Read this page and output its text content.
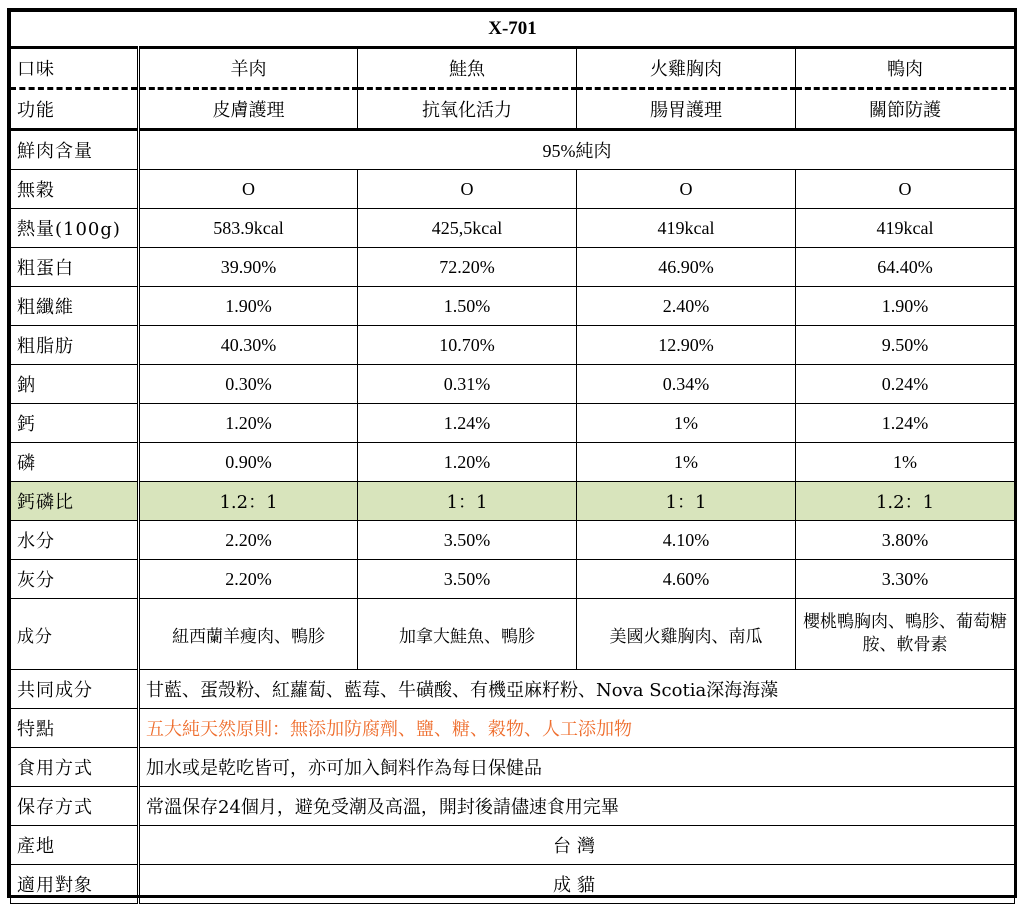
X-701				
口味	羊肉	鮭魚	火雞胸肉	鴨肉
功能	皮膚護理	抗氧化活力	腸胃護理	關節防護
鮮肉含量	95%純肉			
無穀	O	O	O	O
熱量(100g)	583.9kcal	425,5kcal	419kcal	419kcal
粗蛋白	39.90%	72.20%	46.90%	64.40%
粗纖維	1.90%	1.50%	2.40%	1.90%
粗脂肪	40.30%	10.70%	12.90%	9.50%
鈉	0.30%	0.31%	0.34%	0.24%
鈣	1.20%	1.24%	1%	1.24%
磷	0.90%	1.20%	1%	1%
鈣磷比	1.2：1	1：1	1：1	1.2：1
水分	2.20%	3.50%	4.10%	3.80%
灰分	2.20%	3.50%	4.60%	3.30%
成分	紐西蘭羊瘦肉、鴨胗	加拿大鮭魚、鴨胗	美國火雞胸肉、南瓜	櫻桃鴨胸肉、鴨胗、葡萄糖胺、軟骨素
共同成分	甘藍、蛋殼粉、紅蘿蔔、藍莓、牛磺酸、有機亞麻籽粉、Nova Scotia深海海藻			
特點	五大純天然原則：無添加防腐劑、鹽、糖、穀物、人工添加物			
食用方式	加水或是乾吃皆可，亦可加入飼料作為每日保健品			
保存方式	常溫保存24個月，避免受潮及高溫，開封後請儘速食用完畢			
產地	台灣			
適用對象	成貓			
